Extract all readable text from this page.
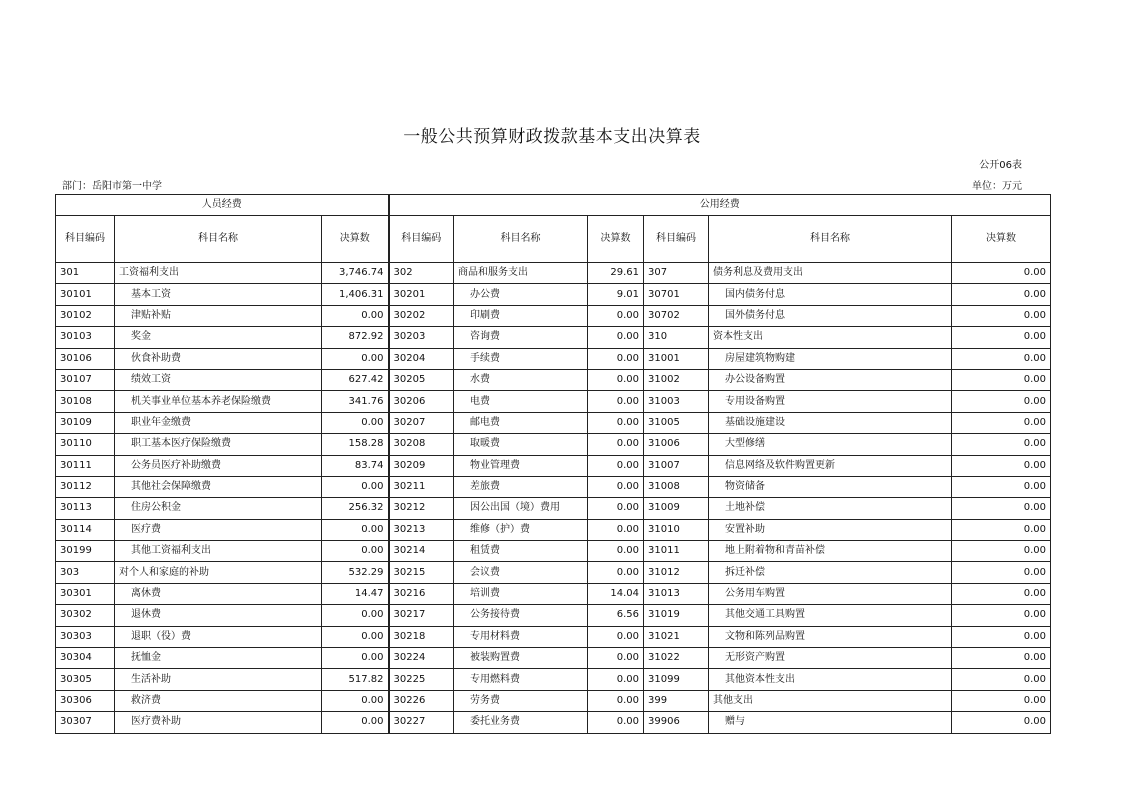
一般公共预算财政拨款基本支出决算表
公开06表
部门：岳阳市第一中学	单位：万元
人员经费			公用经费					
科目编码	科目名称	决算数	科目编码	科目名称	决算数	科目编码	科目名称	决算数
301	工资福利支出	3,746.74	302	商品和服务支出	29.61	307	债务利息及费用支出	0.00
30101	基本工资	1,406.31	30201	办公费	9.01	30701	国内债务付息	0.00
30102	津贴补贴	0.00	30202	印刷费	0.00	30702	国外债务付息	0.00
30103	奖金	872.92	30203	咨询费	0.00	310	资本性支出	0.00
30106	伙食补助费	0.00	30204	手续费	0.00	31001	房屋建筑物购建	0.00
30107	绩效工资	627.42	30205	水费	0.00	31002	办公设备购置	0.00
30108	机关事业单位基本养老保险缴费	341.76	30206	电费	0.00	31003	专用设备购置	0.00
30109	职业年金缴费	0.00	30207	邮电费	0.00	31005	基础设施建设	0.00
30110	职工基本医疗保险缴费	158.28	30208	取暖费	0.00	31006	大型修缮	0.00
30111	公务员医疗补助缴费	83.74	30209	物业管理费	0.00	31007	信息网络及软件购置更新	0.00
30112	其他社会保障缴费	0.00	30211	差旅费	0.00	31008	物资储备	0.00
30113	住房公积金	256.32	30212	因公出国（境）费用	0.00	31009	土地补偿	0.00
30114	医疗费	0.00	30213	维修（护）费	0.00	31010	安置补助	0.00
30199	其他工资福利支出	0.00	30214	租赁费	0.00	31011	地上附着物和青苗补偿	0.00
303	对个人和家庭的补助	532.29	30215	会议费	0.00	31012	拆迁补偿	0.00
30301	离休费	14.47	30216	培训费	14.04	31013	公务用车购置	0.00
30302	退休费	0.00	30217	公务接待费	6.56	31019	其他交通工具购置	0.00
30303	退职（役）费	0.00	30218	专用材料费	0.00	31021	文物和陈列品购置	0.00
30304	抚恤金	0.00	30224	被装购置费	0.00	31022	无形资产购置	0.00
30305	生活补助	517.82	30225	专用燃料费	0.00	31099	其他资本性支出	0.00
30306	救济费	0.00	30226	劳务费	0.00	399	其他支出	0.00
30307	医疗费补助	0.00	30227	委托业务费	0.00	39906	赠与	0.00
